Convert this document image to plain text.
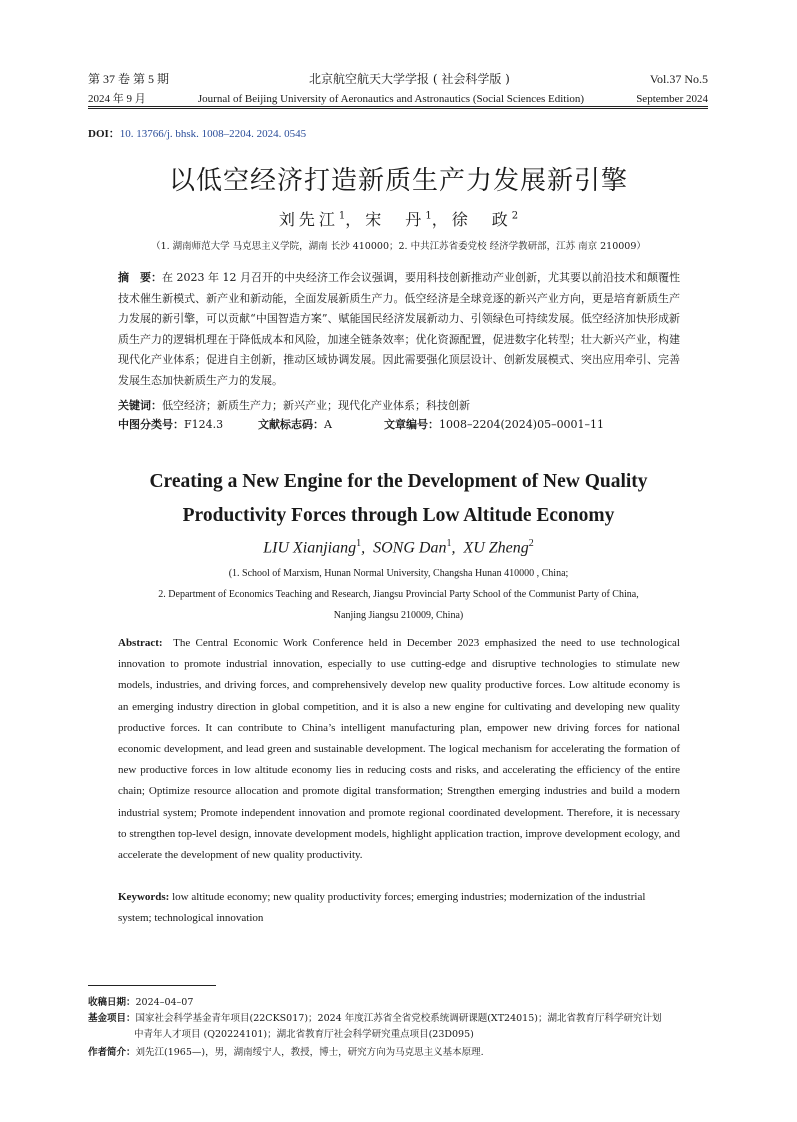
第 37 卷 第 5 期	北京航空航天大学学报 ( 社会科学版 )	Vol.37 No.5
2024 年 9 月	Journal of Beijing University of Aeronautics and Astronautics (Social Sciences Edition)	September 2024
DOI：10. 13766/j. bhsk. 1008–2204. 2024. 0545
以低空经济打造新质生产力发展新引擎
刘先江$^1$，宋　丹$^1$，徐　政$^2$
（1. 湖南师范大学 马克思主义学院，湖南 长沙 410000；2. 中共江苏省委党校 经济学教研部，江苏 南京 210009）
摘　要：在 2023 年 12 月召开的中央经济工作会议强调，要用科技创新推动产业创新，尤其要以前沿技术和颠覆性技术催生新模式、新产业和新动能，全面发展新质生产力。低空经济是全球竞逐的新兴产业方向，更是培育新质生产力发展的新引擎，可以贡献“中国智造方案”、赋能国民经济发展新动力、引领绿色可持续发展。低空经济加快形成新质生产力的逻辑机理在于降低成本和风险，加速全链条效率；优化资源配置，促进数字化转型；壮大新兴产业，构建现代化产业体系；促进自主创新，推动区域协调发展。因此需要强化顶层设计、创新发展模式、突出应用牵引、完善发展生态加快新质生产力的发展。
关键词：低空经济；新质生产力；新兴产业；现代化产业体系；科技创新
中图分类号：F124.3	文献标志码：A	文章编号：1008–2204(2024)05–0001–11
Creating a New Engine for the Development of New Quality
Productivity Forces through Low Altitude Economy
LIU Xianjiang$^1$,  SONG Dan$^1$,  XU Zheng$^2$
(1. School of Marxism, Hunan Normal University, Changsha Hunan 410000 , China;
2. Department of Economics Teaching and Research, Jiangsu Provincial Party School of the Communist Party of China,
Nanjing Jiangsu 210009, China)
Abstract: The Central Economic Work Conference held in December 2023 emphasized the need to use technological innovation to promote industrial innovation, especially to use cutting-edge and disruptive technologies to stimulate new models, industries, and driving forces, and comprehensively develop new quality productive forces. Low altitude economy is an emerging industry direction in global competition, and it is also a new engine for cultivating and developing new quality productive forces. It can contribute to China’s intelligent manufacturing plan, empower new driving forces for national economic development, and lead green and sustainable development. The logical mechanism for accelerating the formation of new productive forces in low altitude economy lies in reducing costs and risks, and accelerating the efficiency of the entire chain; Optimize resource allocation and promote digital transformation; Strengthen emerging industries and build a modern industrial system; Promote independent innovation and promote regional coordinated development. Therefore, it is necessary to strengthen top-level design, innovate development models, highlight application traction, improve development ecology, and accelerate the development of new quality productivity.
Keywords: low altitude economy; new quality productivity forces; emerging industries; modernization of the industrial system; technological innovation
收稿日期：2024–04–07
基金项目：国家社会科学基金青年项目(22CKS017)；2024 年度江苏省全省党校系统调研课题(XT24015)；湖北省教育厅科学研究计划
中青年人才项目 (Q20224101)；湖北省教育厅社会科学研究重点项目(23D095)
作者简介：刘先江(1965—)，男，湖南绥宁人，教授，博士，研究方向为马克思主义基本原理.
